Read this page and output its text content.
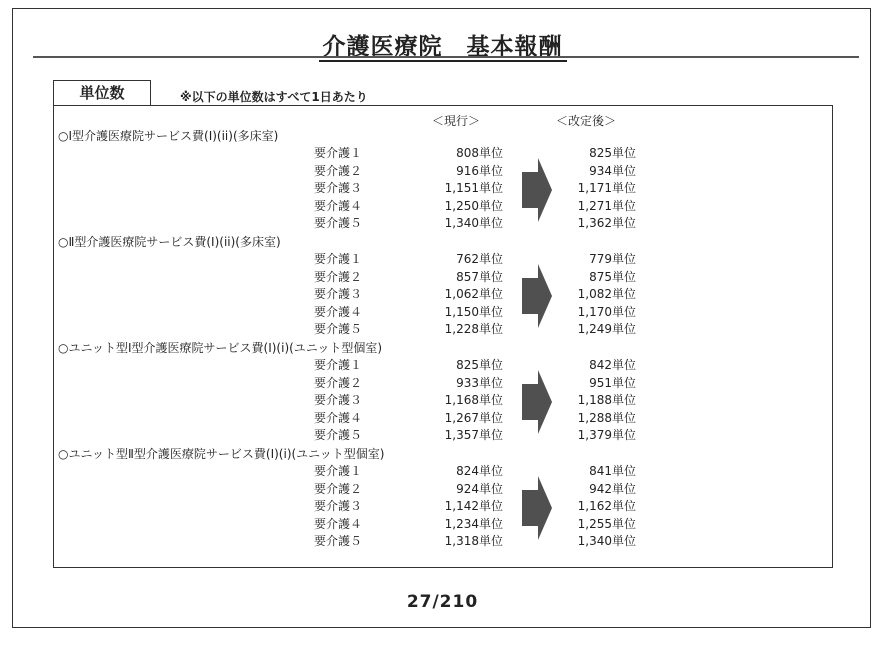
介護医療院　基本報酬
単位数	※以下の単位数はすべて1日あたり
＜現行＞	＜改定後＞
○Ⅰ型介護医療院サービス費(Ⅰ)(ii)(多床室)
要介護１	808単位	825単位
要介護２	916単位	934単位
要介護３	1,151単位	1,171単位
要介護４	1,250単位	1,271単位
要介護５	1,340単位	1,362単位
○Ⅱ型介護医療院サービス費(Ⅰ)(ii)(多床室)
要介護１	762単位	779単位
要介護２	857単位	875単位
要介護３	1,062単位	1,082単位
要介護４	1,150単位	1,170単位
要介護５	1,228単位	1,249単位
○ユニット型Ⅰ型介護医療院サービス費(Ⅰ)(i)(ユニット型個室)
要介護１	825単位	842単位
要介護２	933単位	951単位
要介護３	1,168単位	1,188単位
要介護４	1,267単位	1,288単位
要介護５	1,357単位	1,379単位
○ユニット型Ⅱ型介護医療院サービス費(Ⅰ)(i)(ユニット型個室)
要介護１	824単位	841単位
要介護２	924単位	942単位
要介護３	1,142単位	1,162単位
要介護４	1,234単位	1,255単位
要介護５	1,318単位	1,340単位
27/210
